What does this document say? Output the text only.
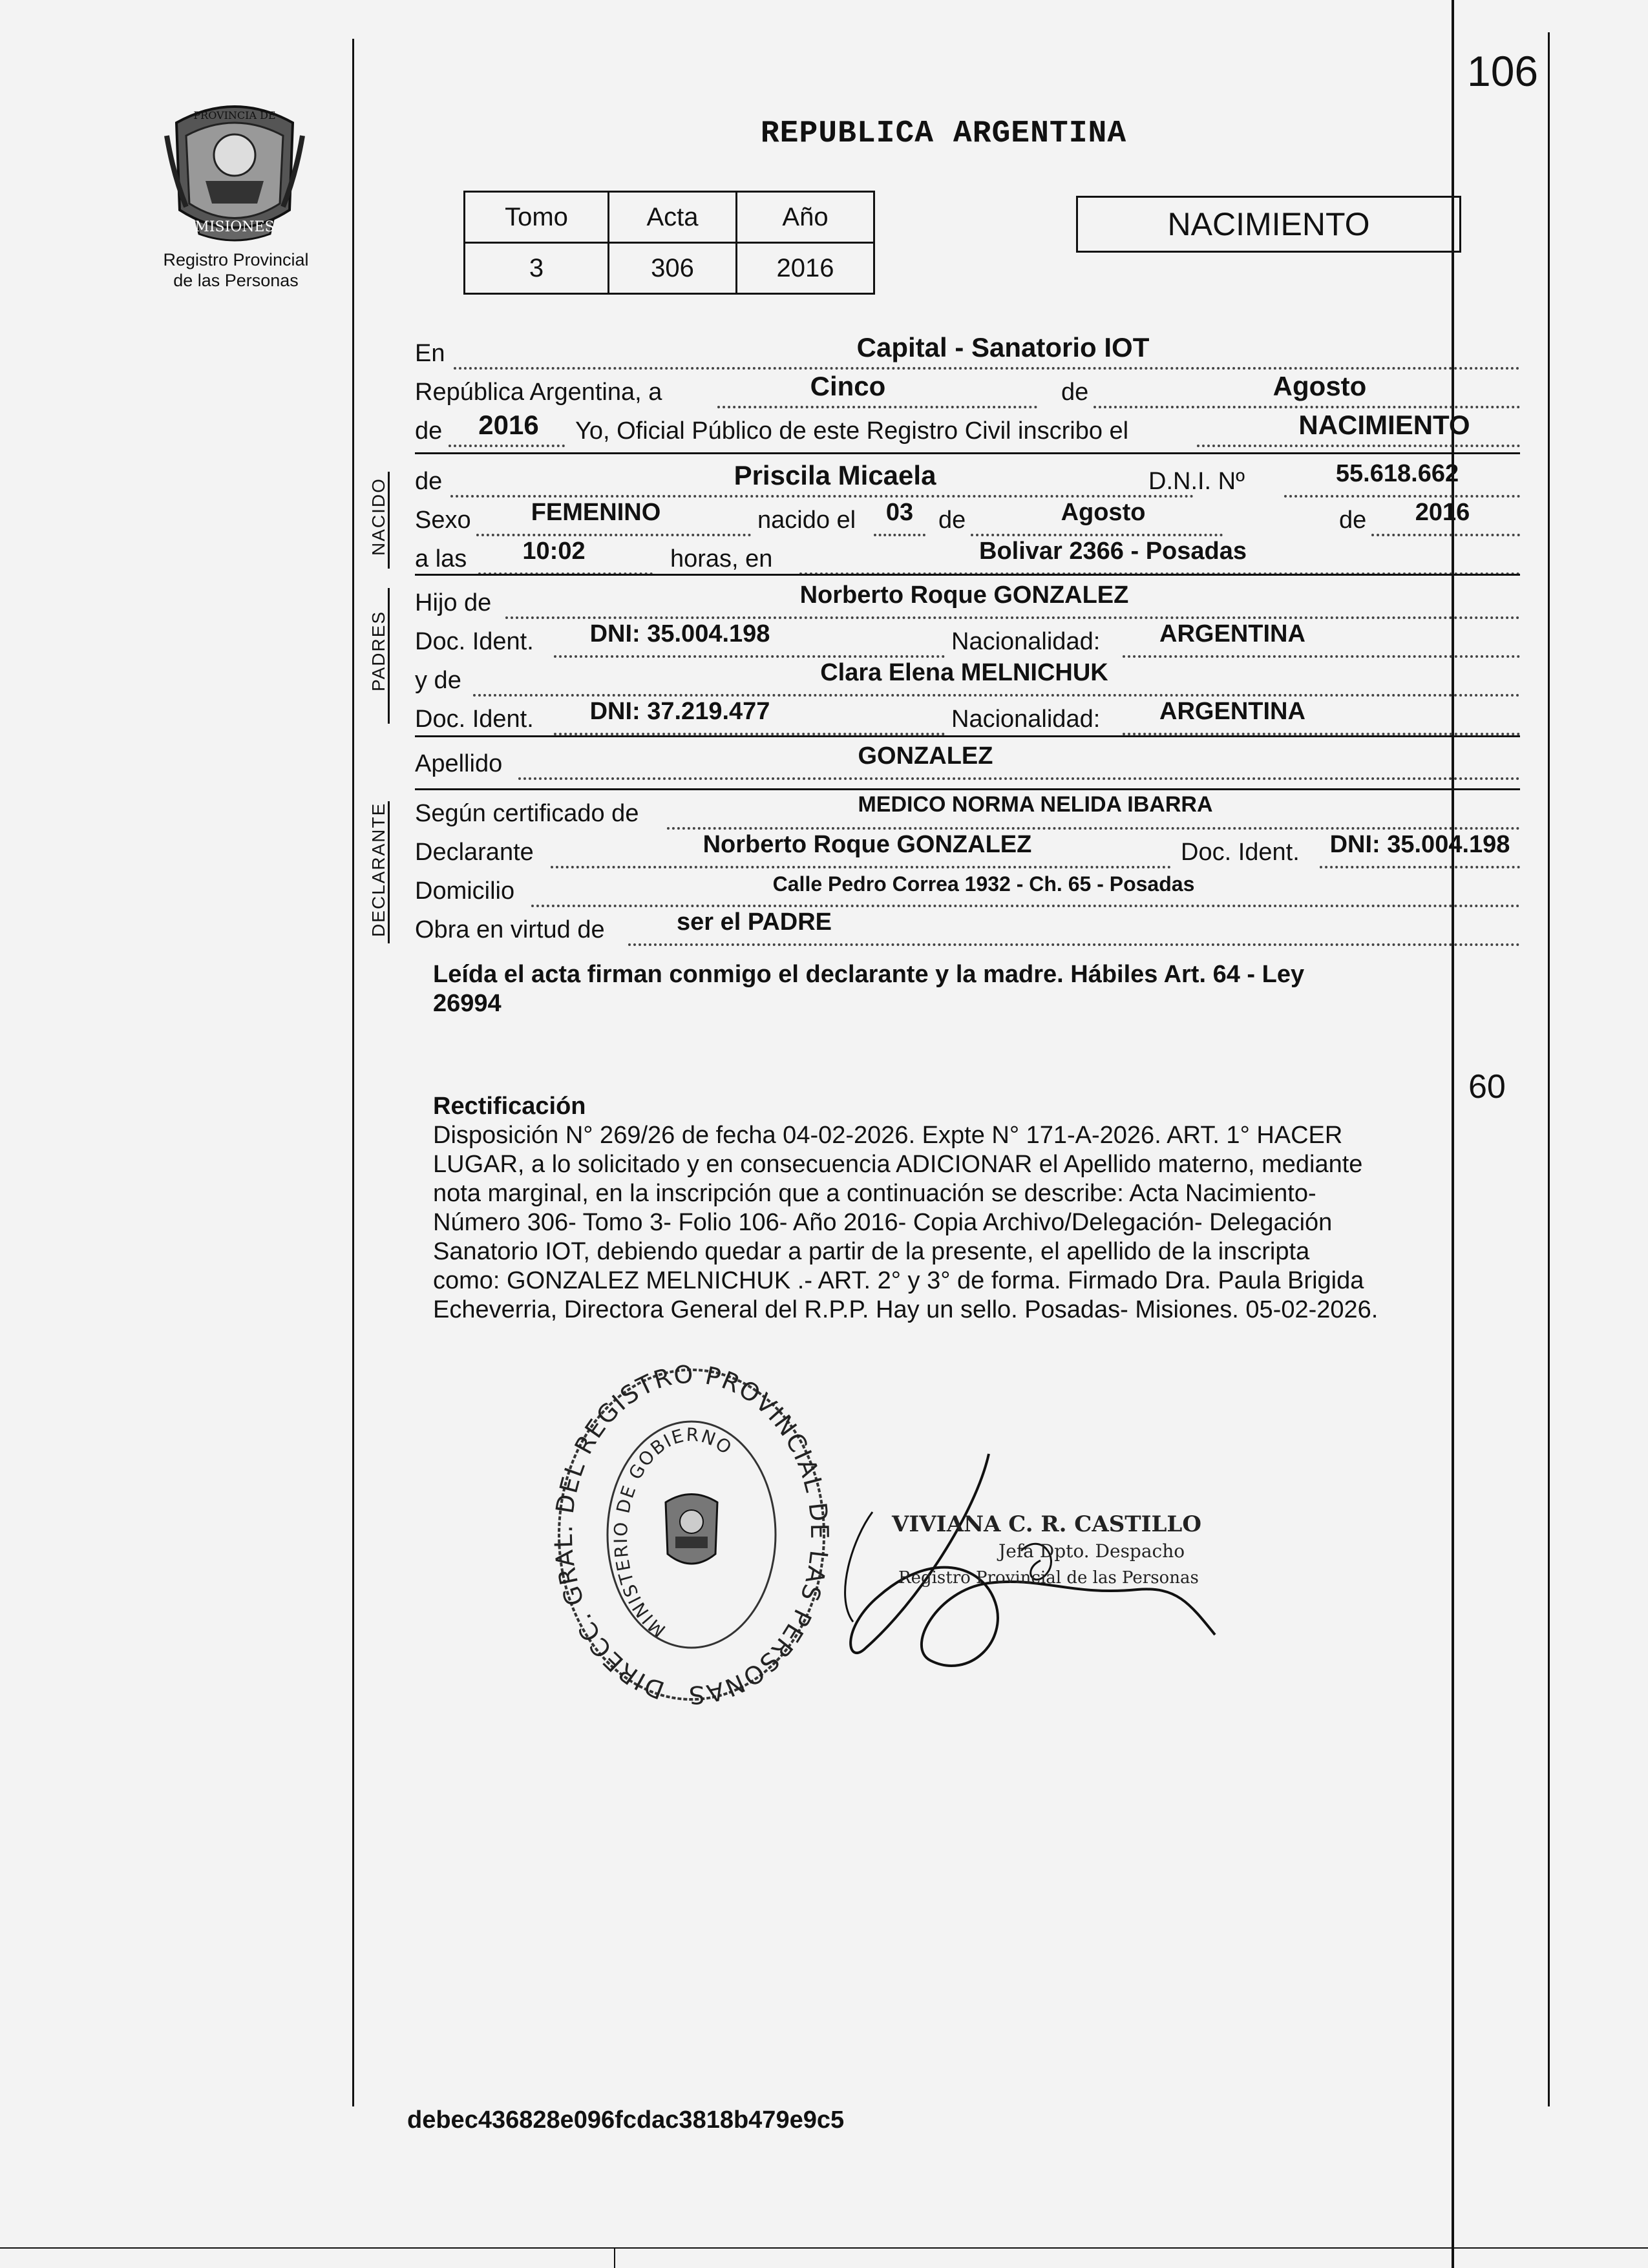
PROVINCIA DE
MISIONES
Registro Provincial
de las Personas
REPUBLICA ARGENTINA
106
60
Tomo	Acta	Año
3	306	2016
NACIMIENTO
En	Capital - Sanatorio IOT
República Argentina, a	Cinco	de	Agosto
de	2016	Yo, Oficial Público de este Registro Civil inscribo el	NACIMIENTO
NACIDO de	Priscila Micaela	D.N.I. Nº	55.618.662
Sexo	FEMENINO	nacido el	03	de	Agosto	de	2016
a las	10:02	horas, en	Bolivar 2366 - Posadas
PADRES
Hijo de	Norberto Roque GONZALEZ
Doc. Ident.	DNI: 35.004.198	Nacionalidad:	ARGENTINA
y de	Clara Elena MELNICHUK
Doc. Ident.	DNI: 37.219.477	Nacionalidad:	ARGENTINA
Apellido	GONZALEZ
DECLARANTE Según certificado de	MEDICO NORMA NELIDA IBARRA
Declarante	Norberto Roque GONZALEZ	Doc. Ident. DNI: 35.004.198
Domicilio	Calle Pedro Correa 1932 - Ch. 65 - Posadas
Obra en virtud de	ser el PADRE
Leída el acta firman conmigo el declarante y la madre. Hábiles Art. 64 - Ley
26994
Rectificación
Disposición N° 269/26 de fecha 04-02-2026. Expte N° 171-A-2026. ART. 1° HACER
LUGAR, a lo solicitado y en consecuencia ADICIONAR el Apellido materno, mediante
nota marginal, en la inscripción que a continuación se describe: Acta Nacimiento-
Número 306- Tomo 3- Folio 106- Año 2016- Copia Archivo/Delegación- Delegación
Sanatorio IOT, debiendo quedar a partir de la presente, el apellido de la inscripta
como: GONZALEZ MELNICHUK .- ART. 2° y 3° de forma. Firmado Dra. Paula Brigida
Echeverria, Directora General del R.P.P. Hay un sello. Posadas- Misiones. 05-02-2026.
DIRECC. GRA DEL REGISTRO PROVINCIAL LAS PERSONAS
MINISTERIO DE GOBIERNO
VIVIANA C. R. CASTILLO
Jefa Dpto. Despacho
Registro Provincial de las Personas
debec436828e096fcdac3818b479e9c5
